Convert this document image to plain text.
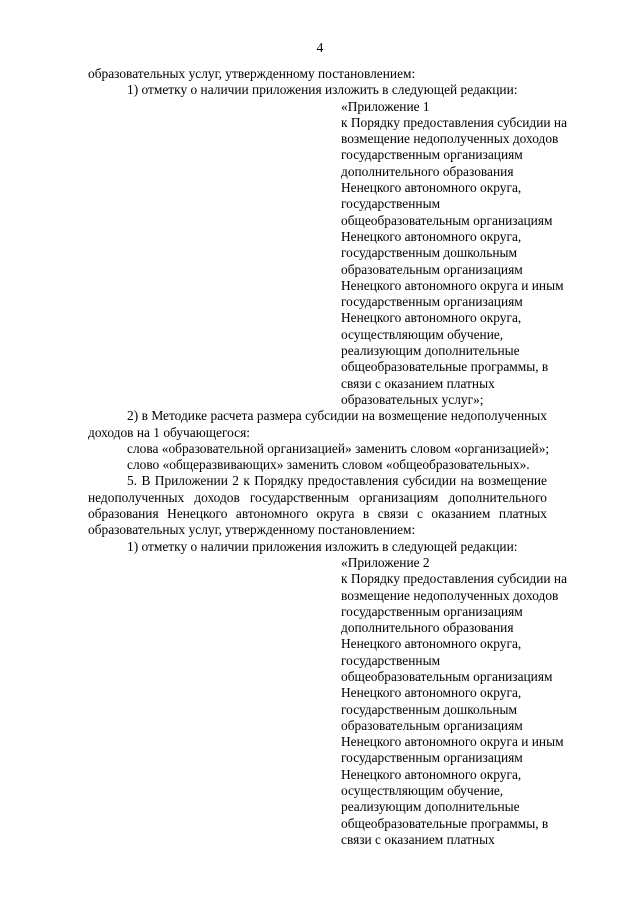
4

образовательных услуг, утвержденному постановлением:

1) отметку о наличии приложения изложить в следующей редакции:

«Приложение 1
к Порядку предоставления субсидии на
возмещение недополученных доходов
государственным организациям
дополнительного образования
Ненецкого автономного округа,
государственным
общеобразовательным организациям
Ненецкого автономного округа,
государственным дошкольным
образовательным организациям
Ненецкого автономного округа и иным
государственным организациям
Ненецкого автономного округа,
осуществляющим обучение,
реализующим дополнительные
общеобразовательные программы, в
связи с оказанием платных
образовательных услуг»;

2) в Методике расчета размера субсидии на возмещение недополученных доходов на 1 обучающегося:

слова «образовательной организацией» заменить словом «организацией»;

слово «общеразвивающих» заменить словом «общеобразовательных».

5. В Приложении 2 к Порядку предоставления субсидии на возмещение недополученных доходов государственным организациям дополнительного образования Ненецкого автономного округа в связи с оказанием платных образовательных услуг, утвержденному постановлением:

1) отметку о наличии приложения изложить в следующей редакции:

«Приложение 2
к Порядку предоставления субсидии на
возмещение недополученных доходов
государственным организациям
дополнительного образования
Ненецкого автономного округа,
государственным
общеобразовательным организациям
Ненецкого автономного округа,
государственным дошкольным
образовательным организациям
Ненецкого автономного округа и иным
государственным организациям
Ненецкого автономного округа,
осуществляющим обучение,
реализующим дополнительные
общеобразовательные программы, в
связи с оказанием платных
